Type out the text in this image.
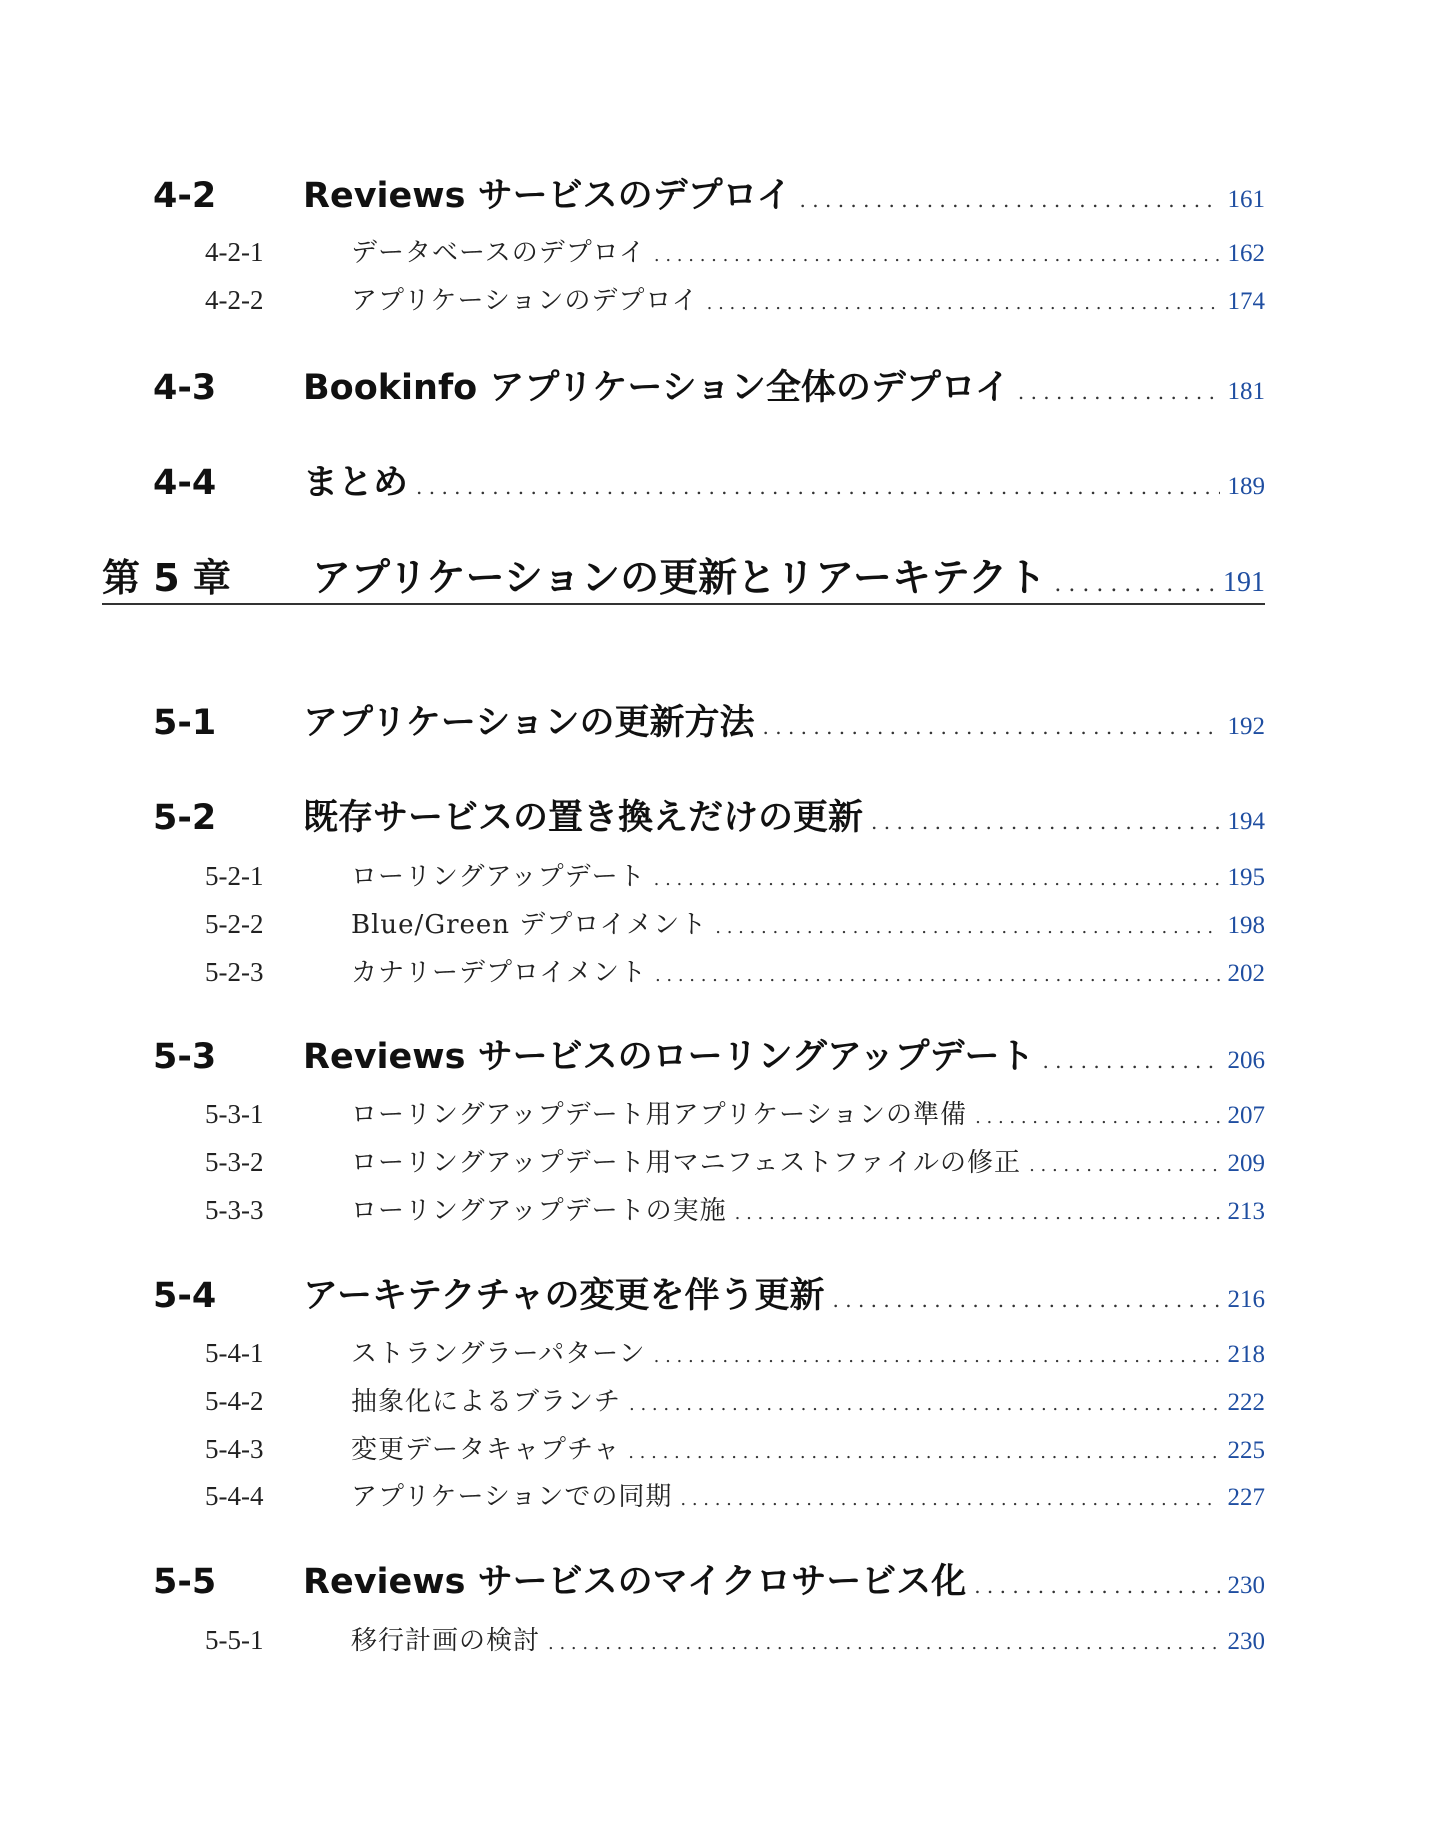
4-2	Reviews サービスのデプロイ . . .	161
4-2-1	データベースのデプロイ . . .	162
4-2-2	アプリケーションのデプロイ . . .	174
4-3	Bookinfo アプリケーション全体のデプロイ . . .	181
4-4	まとめ . . .	189
第 5 章	アプリケーションの更新とリアーキテクト . . .	191
5-1	アプリケーションの更新方法 . . .	192
5-2	既存サービスの置き換えだけの更新 . . .	194
5-2-1	ローリングアップデート . . .	195
5-2-2	Blue/Green デプロイメント . . .	198
5-2-3	カナリーデプロイメント . . .	202
5-3	Reviews サービスのローリングアップデート . . .	206
5-3-1	ローリングアップデート用アプリケーションの準備 . . .	207
5-3-2	ローリングアップデート用マニフェストファイルの修正 . . .	209
5-3-3	ローリングアップデートの実施 . . .	213
5-4	アーキテクチャの変更を伴う更新 . . .	216
5-4-1	ストラングラーパターン . . .	218
5-4-2	抽象化によるブランチ . . .	222
5-4-3	変更データキャプチャ . . .	225
5-4-4	アプリケーションでの同期 . . .	227
5-5	Reviews サービスのマイクロサービス化 . . .	230
5-5-1	移行計画の検討 . . .	230
